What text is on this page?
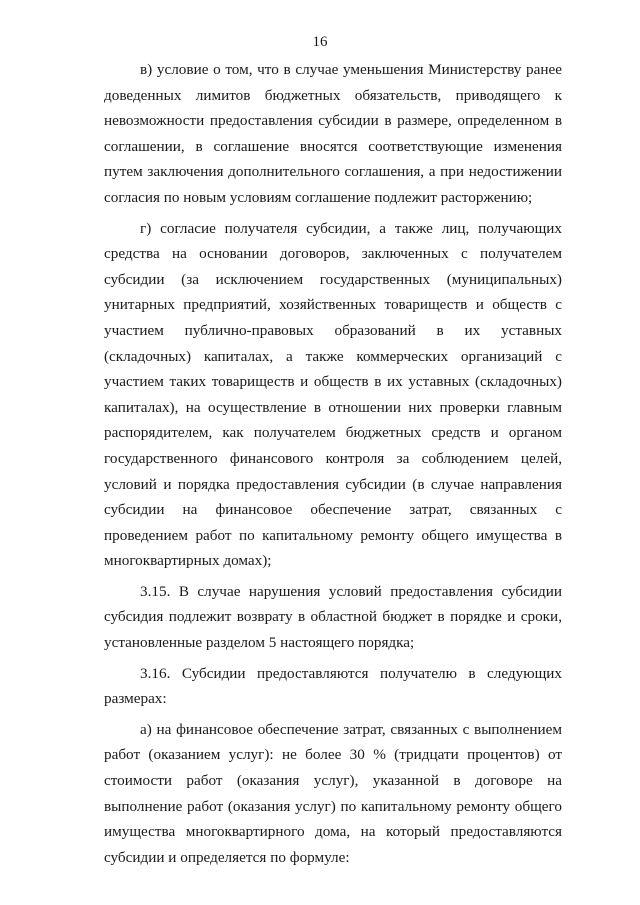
16

в) условие о том, что в случае уменьшения Министерству ранее доведенных лимитов бюджетных обязательств, приводящего к невозможности предоставления субсидии в размере, определенном в соглашении, в соглашение вносятся соответствующие изменения путем заключения дополнительного соглашения, а при недостижении согласия по новым условиям соглашение подлежит расторжению;

г) согласие получателя субсидии, а также лиц, получающих средства на основании договоров, заключенных с получателем субсидии (за исключением государственных (муниципальных) унитарных предприятий, хозяйственных товариществ и обществ с участием публично-правовых образований в их уставных (складочных) капиталах, а также коммерческих организаций с участием таких товариществ и обществ в их уставных (складочных) капиталах), на осуществление в отношении них проверки главным распорядителем, как получателем бюджетных средств и органом государственного финансового контроля за соблюдением целей, условий и порядка предоставления субсидии (в случае направления субсидии на финансовое обеспечение затрат, связанных с проведением работ по капитальному ремонту общего имущества в многоквартирных домах);

3.15. В случае нарушения условий предоставления субсидии субсидия подлежит возврату в областной бюджет в порядке и сроки, установленные разделом 5 настоящего порядка;

3.16. Субсидии предоставляются получателю в следующих размерах:

а) на финансовое обеспечение затрат, связанных с выполнением работ (оказанием услуг): не более 30 % (тридцати процентов) от стоимости работ (оказания услуг), указанной в договоре на выполнение работ (оказания услуг) по капитальному ремонту общего имущества многоквартирного дома, на который предоставляются субсидии и определяется по формуле:
